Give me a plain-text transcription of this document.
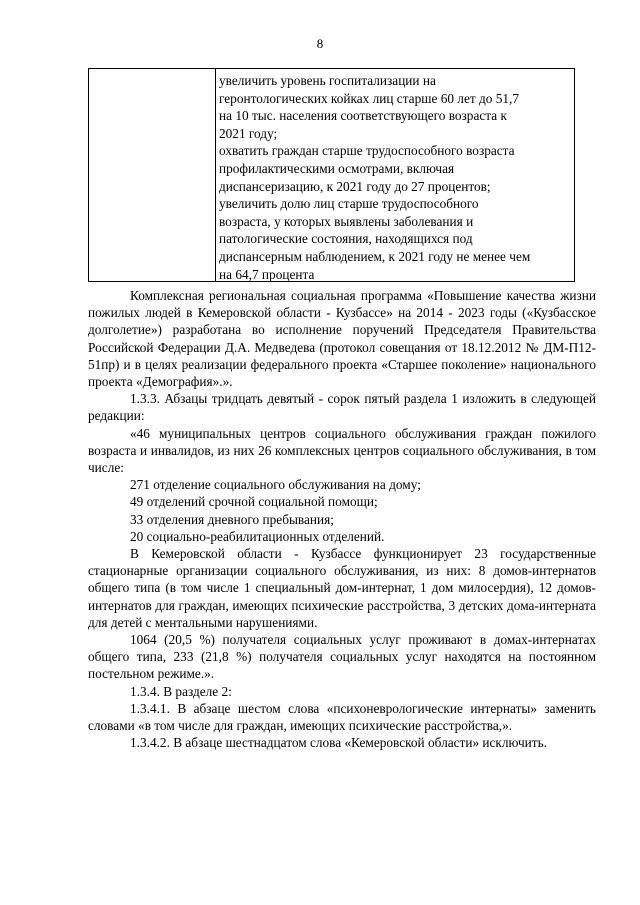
8
увеличить уровень госпитализации на
геронтологических койках лиц старше 60 лет до 51,7
на 10 тыс. населения соответствующего возраста к
2021 году;
охватить граждан старше трудоспособного возраста
профилактическими осмотрами, включая
диспансеризацию, к 2021 году до 27 процентов;
увеличить долю лиц старше трудоспособного
возраста, у которых выявлены заболевания и
патологические состояния, находящихся под
диспансерным наблюдением, к 2021 году не менее чем
на 64,7 процента
Комплексная региональная социальная программа «Повышение качества жизни пожилых людей в Кемеровской области - Кузбассе» на 2014 - 2023 годы («Кузбасское долголетие») разработана во исполнение поручений Председателя Правительства Российской Федерации Д.А. Медведева (протокол совещания от 18.12.2012 № ДМ-П12-51пр) и в целях реализации федерального проекта «Старшее поколение» национального проекта «Демография».».
1.3.3. Абзацы тридцать девятый - сорок пятый раздела 1 изложить в следующей редакции:
«46 муниципальных центров социального обслуживания граждан пожилого возраста и инвалидов, из них 26 комплексных центров социального обслуживания, в том числе:
271 отделение социального обслуживания на дому;
49 отделений срочной социальной помощи;
33 отделения дневного пребывания;
20 социально-реабилитационных отделений.
В Кемеровской области - Кузбассе функционирует 23 государственные стационарные организации социального обслуживания, из них: 8 домов-интернатов общего типа (в том числе 1 специальный дом-интернат, 1 дом милосердия), 12 домов-интернатов для граждан, имеющих психические расстройства, 3 детских дома-интерната для детей с ментальными нарушениями.
1064 (20,5 %) получателя социальных услуг проживают в домах-интернатах общего типа, 233 (21,8 %) получателя социальных услуг находятся на постоянном постельном режиме.».
1.3.4. В разделе 2:
1.3.4.1. В абзаце шестом слова «психоневрологические интернаты» заменить словами «в том числе для граждан, имеющих психические расстройства,».
1.3.4.2. В абзаце шестнадцатом слова «Кемеровской области» исключить.
